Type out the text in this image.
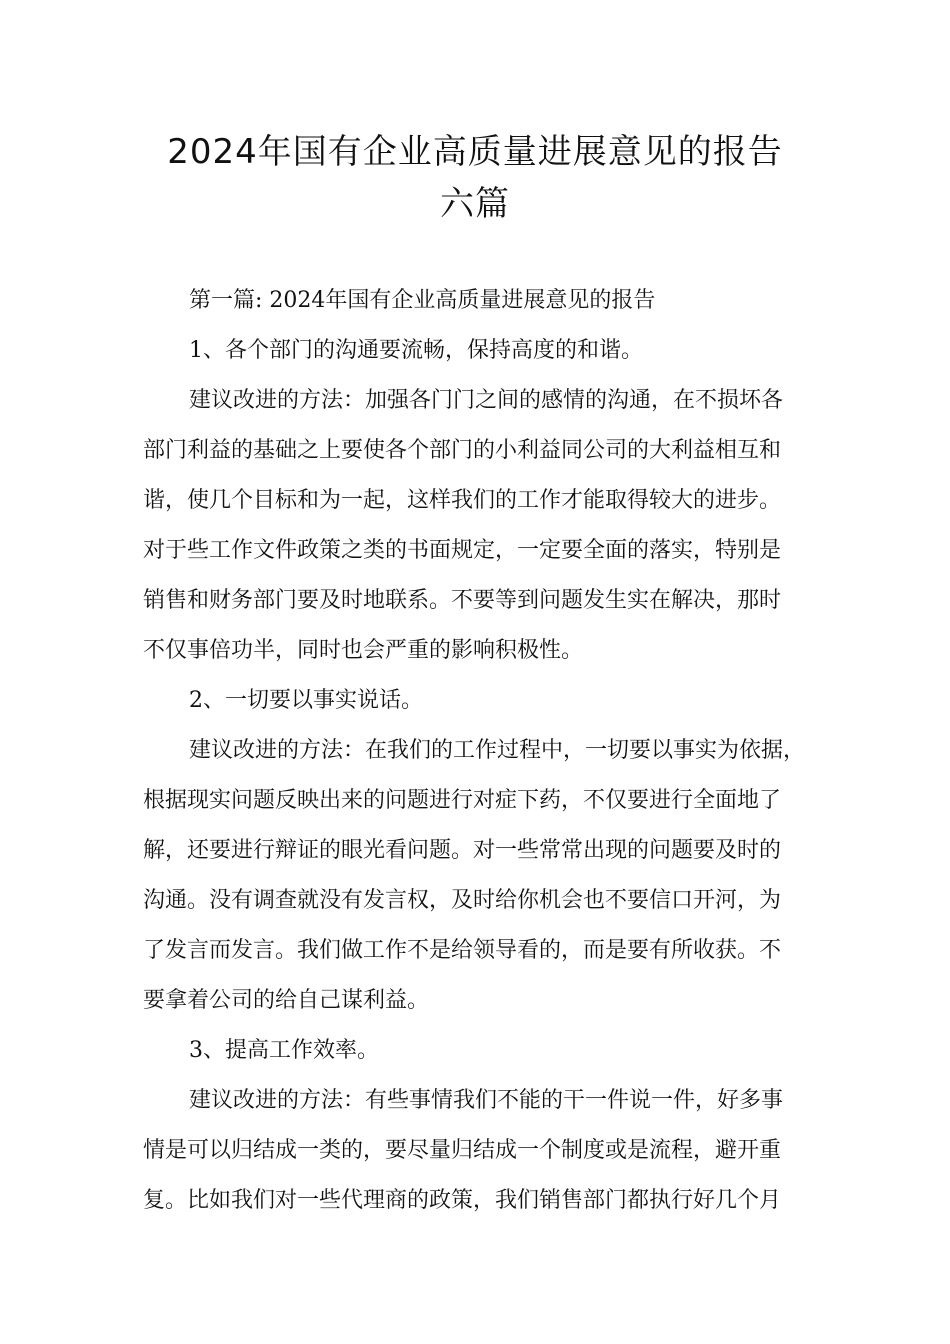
2024年国有企业高质量进展意见的报告
六篇

第一篇: 2024年国有企业高质量进展意见的报告

1、各个部门的沟通要流畅，保持高度的和谐。

建议改进的方法：加强各门门之间的感情的沟通，在不损坏各

部门利益的基础之上要使各个部门的小利益同公司的大利益相互和

谐，使几个目标和为一起，这样我们的工作才能取得较大的进步。

对于些工作文件政策之类的书面规定，一定要全面的落实，特别是

销售和财务部门要及时地联系。不要等到问题发生实在解决，那时

不仅事倍功半，同时也会严重的影响积极性。

2、一切要以事实说话。

建议改进的方法：在我们的工作过程中，一切要以事实为依据，

根据现实问题反映出来的问题进行对症下药，不仅要进行全面地了

解，还要进行辩证的眼光看问题。对一些常常出现的问题要及时的

沟通。没有调查就没有发言权，及时给你机会也不要信口开河，为

了发言而发言。我们做工作不是给领导看的，而是要有所收获。不

要拿着公司的给自己谋利益。

3、提高工作效率。

建议改进的方法：有些事情我们不能的干一件说一件，好多事

情是可以归结成一类的，要尽量归结成一个制度或是流程，避开重

复。比如我们对一些代理商的政策，我们销售部门都执行好几个月
